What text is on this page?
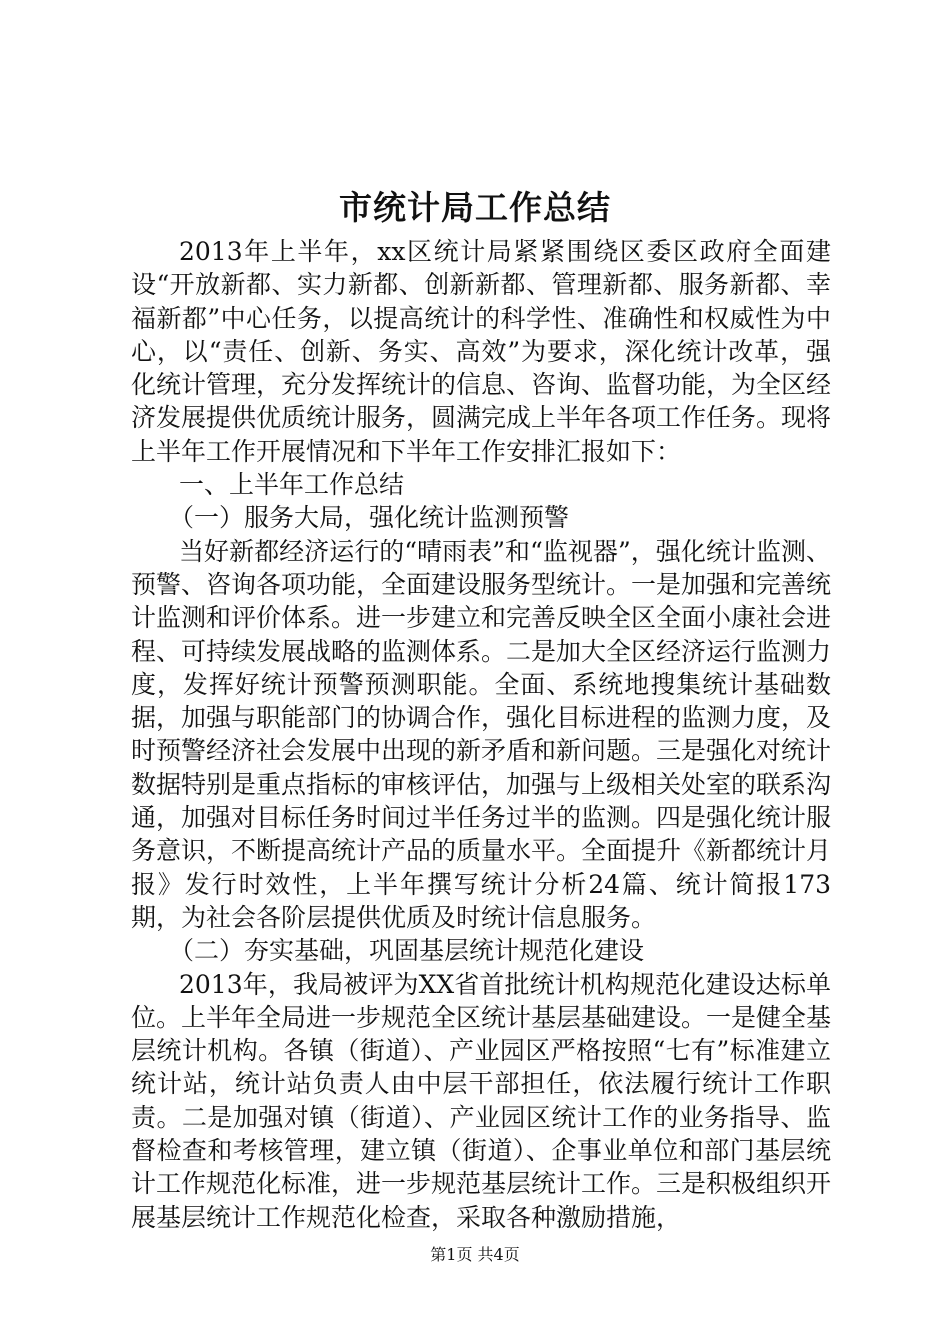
市统计局工作总结

2013年上半年，xx区统计局紧紧围绕区委区政府全面建设“开放新都、实力新都、创新新都、管理新都、服务新都、幸福新都”中心任务，以提高统计的科学性、准确性和权威性为中心，以“责任、创新、务实、高效”为要求，深化统计改革，强化统计管理，充分发挥统计的信息、咨询、监督功能，为全区经济发展提供优质统计服务，圆满完成上半年各项工作任务。现将上半年工作开展情况和下半年工作安排汇报如下：

一、上半年工作总结

（一）服务大局，强化统计监测预警

当好新都经济运行的“晴雨表”和“监视器”，强化统计监测、预警、咨询各项功能，全面建设服务型统计。一是加强和完善统计监测和评价体系。进一步建立和完善反映全区全面小康社会进程、可持续发展战略的监测体系。二是加大全区经济运行监测力度，发挥好统计预警预测职能。全面、系统地搜集统计基础数据，加强与职能部门的协调合作，强化目标进程的监测力度，及时预警经济社会发展中出现的新矛盾和新问题。三是强化对统计数据特别是重点指标的审核评估，加强与上级相关处室的联系沟通，加强对目标任务时间过半任务过半的监测。四是强化统计服务意识，不断提高统计产品的质量水平。全面提升《新都统计月报》发行时效性，上半年撰写统计分析24篇、统计简报173期，为社会各阶层提供优质及时统计信息服务。

（二）夯实基础，巩固基层统计规范化建设

2013年，我局被评为XX省首批统计机构规范化建设达标单位。上半年全局进一步规范全区统计基层基础建设。一是健全基层统计机构。各镇（街道）、产业园区严格按照“七有”标准建立统计站，统计站负责人由中层干部担任，依法履行统计工作职责。二是加强对镇（街道）、产业园区统计工作的业务指导、监督检查和考核管理，建立镇（街道）、企事业单位和部门基层统计工作规范化标准，进一步规范基层统计工作。三是积极组织开展基层统计工作规范化检查，采取各种激励措施，

第1页 共4页
